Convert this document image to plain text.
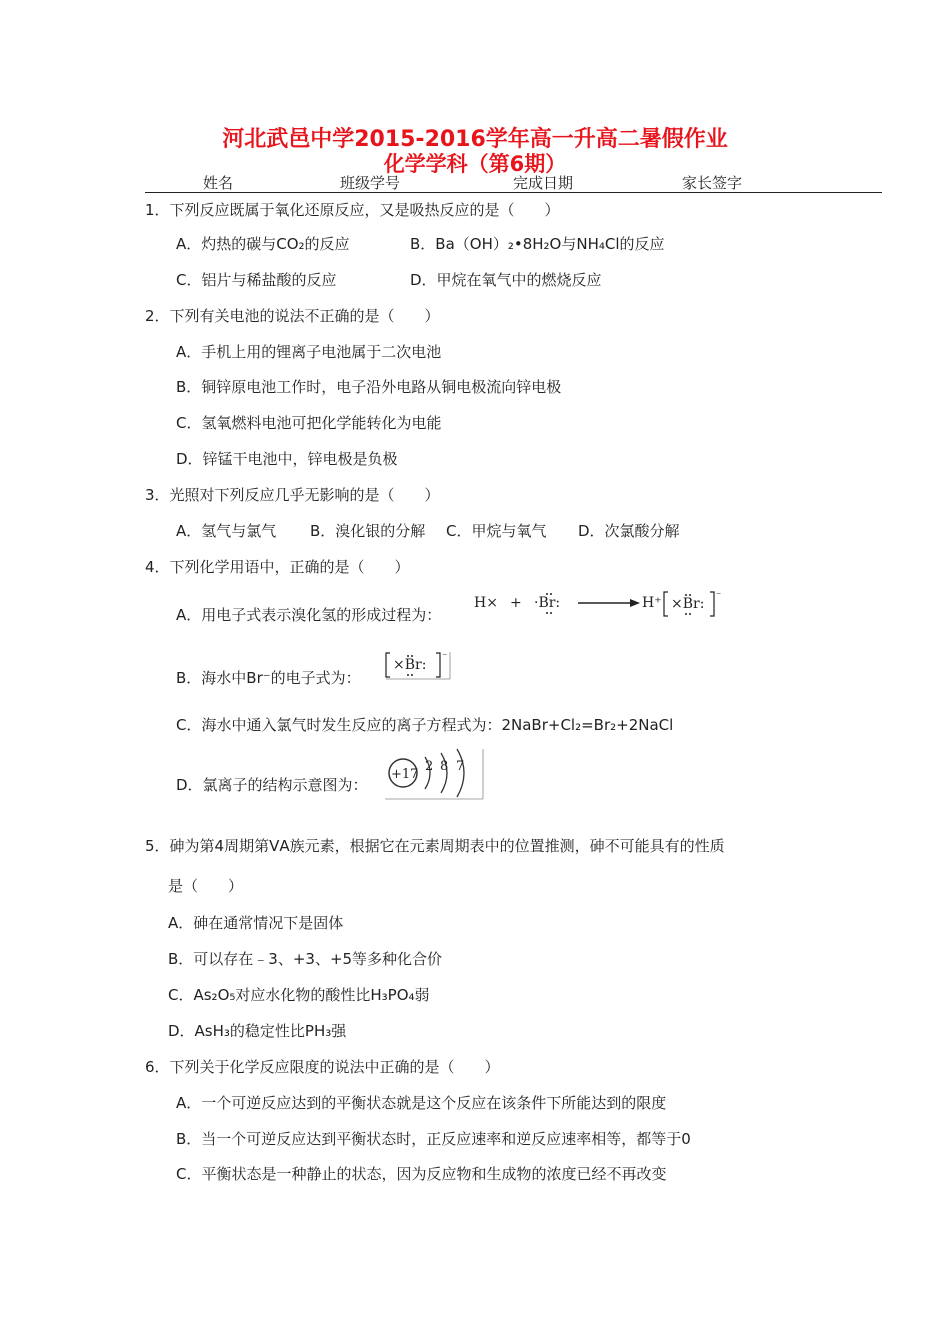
河北武邑中学2015-2016学年高一升高二暑假作业
化学学科（第6期）
姓名	班级学号	完成日期	家长签字
1．下列反应既属于氧化还原反应，又是吸热反应的是（　　）
A．灼热的碳与CO₂的反应	B．Ba（OH）₂•8H₂O与NH₄Cl的反应
C．铝片与稀盐酸的反应	D．甲烷在氧气中的燃烧反应
2．下列有关电池的说法不正确的是（　　）
A．手机上用的锂离子电池属于二次电池
B．铜锌原电池工作时，电子沿外电路从铜电极流向锌电极
C．氢氧燃料电池可把化学能转化为电能
D．锌锰干电池中，锌电极是负极
3．光照对下列反应几乎无影响的是（　　）
A．氢气与氯气 B．溴化银的分解 C．甲烷与氧气 D．次氯酸分解
4．下列化学用语中，正确的是（　　）
A．用电子式表示溴化氢的形成过程为：
H× + ·Br:	H⁺ ×Br: ⁻
B．海水中Br⁻的电子式为：
×Br: ⁻
C．海水中通入氯气时发生反应的离子方程式为：2NaBr+Cl₂=Br₂+2NaCl
D．氯离子的结构示意图为：
+17
2 8 7
5．砷为第4周期第ⅤA族元素，根据它在元素周期表中的位置推测，砷不可能具有的性质
是（　　）
A．砷在通常情况下是固体
B．可以存在﹣3、+3、+5等多种化合价
C．As₂O₅对应水化物的酸性比H₃PO₄弱
D．AsH₃的稳定性比PH₃强
6．下列关于化学反应限度的说法中正确的是（　　）
A．一个可逆反应达到的平衡状态就是这个反应在该条件下所能达到的限度
B．当一个可逆反应达到平衡状态时，正反应速率和逆反应速率相等，都等于0
C．平衡状态是一种静止的状态，因为反应物和生成物的浓度已经不再改变
